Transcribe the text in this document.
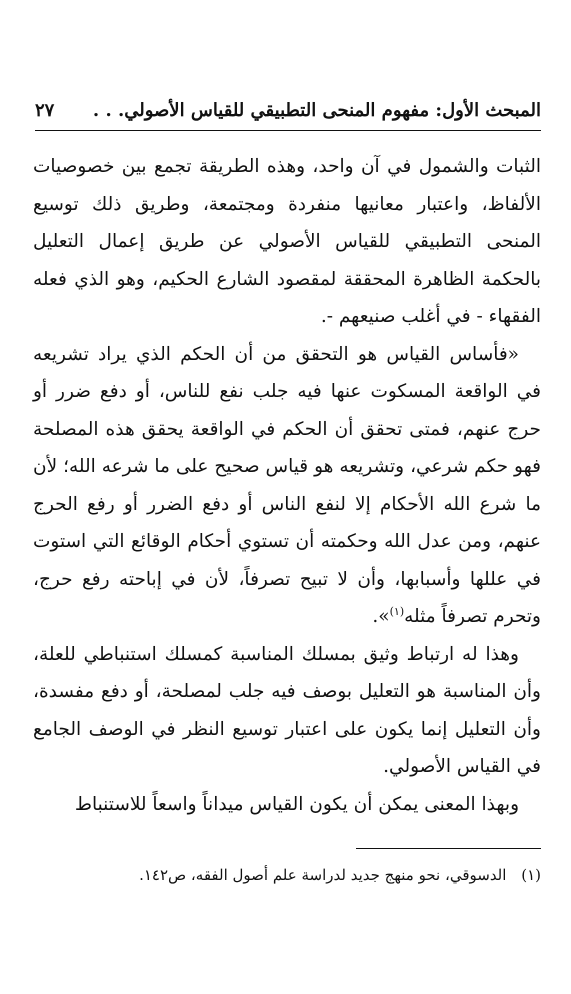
المبحث الأول: مفهوم المنحى التطبيقي للقياس الأصولي. . .
٢٧

الثبات والشمول في آن واحد، وهذه الطريقة تجمع بين خصوصيات الألفاظ، واعتبار معانيها منفردة ومجتمعة، وطريق ذلك توسيع المنحى التطبيقي للقياس الأصولي عن طريق إعمال التعليل بالحكمة الظاهرة المحققة لمقصود الشارع الحكيم، وهو الذي فعله الفقهاء - في أغلب صنيعهم -.

«فأساس القياس هو التحقق من أن الحكم الذي يراد تشريعه في الواقعة المسكوت عنها فيه جلب نفع للناس، أو دفع ضرر أو حرج عنهم، فمتى تحقق أن الحكم في الواقعة يحقق هذه المصلحة فهو حكم شرعي، وتشريعه هو قياس صحيح على ما شرعه الله؛ لأن ما شرع الله الأحكام إلا لنفع الناس أو دفع الضرر أو رفع الحرج عنهم، ومن عدل الله وحكمته أن تستوي أحكام الوقائع التي استوت في عللها وأسبابها، وأن لا تبيح تصرفاً، لأن في إباحته رفع حرج، وتحرم تصرفاً مثله$^{(١)}$».

وهذا له ارتباط وثيق بمسلك المناسبة كمسلك استنباطي للعلة، وأن المناسبة هو التعليل بوصف فيه جلب لمصلحة، أو دفع مفسدة، وأن التعليل إنما يكون على اعتبار توسيع النظر في الوصف الجامع في القياس الأصولي.

وبهذا المعنى يمكن أن يكون القياس ميداناً واسعاً للاستنباط

(١) الدسوقي، نحو منهج جديد لدراسة علم أصول الفقه، ص١٤٢.
